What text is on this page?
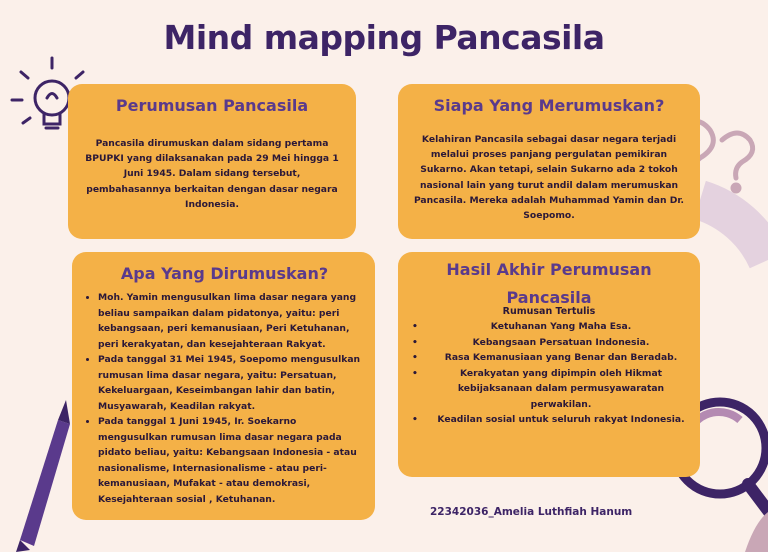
Mind mapping Pancasila
Perumusan Pancasila

Pancasila dirumuskan dalam sidang pertama BPUPKI yang dilaksanakan pada 29 Mei hingga 1 Juni 1945. Dalam sidang tersebut, pembahasannya berkaitan dengan dasar negara Indonesia.

Siapa Yang Merumuskan?

Kelahiran Pancasila sebagai dasar negara terjadi melalui proses panjang pergulatan pemikiran Sukarno. Akan tetapi, selain Sukarno ada 2 tokoh nasional lain yang turut andil dalam merumuskan Pancasila. Mereka adalah Muhammad Yamin dan Dr. Soepomo.

Apa Yang Dirumuskan?
• Moh. Yamin mengusulkan lima dasar negara yang beliau sampaikan dalam pidatonya, yaitu: peri kebangsaan, peri kemanusiaan, Peri Ketuhanan, peri kerakyatan, dan kesejahteraan Rakyat.
• Pada tanggal 31 Mei 1945, Soepomo mengusulkan rumusan lima dasar negara, yaitu: Persatuan, Kekeluargaan, Keseimbangan lahir dan batin, Musyawarah, Keadilan rakyat.
• Pada tanggal 1 Juni 1945, Ir. Soekarno mengusulkan rumusan lima dasar negara pada pidato beliau, yaitu: Kebangsaan Indonesia - atau nasionalisme, Internasionalisme - atau peri-kemanusiaan, Mufakat - atau demokrasi, Kesejahteraan sosial , Ketuhanan.
Hasil Akhir Perumusan Pancasila
Rumusan Tertulis
• Ketuhanan Yang Maha Esa.
• Kebangsaan Persatuan Indonesia.
• Rasa Kemanusiaan yang Benar dan Beradab.
• Kerakyatan yang dipimpin oleh Hikmat kebijaksanaan dalam permusyawaratan perwakilan.
• Keadilan sosial untuk seluruh rakyat Indonesia.
22342036_Amelia Luthfiah Hanum
